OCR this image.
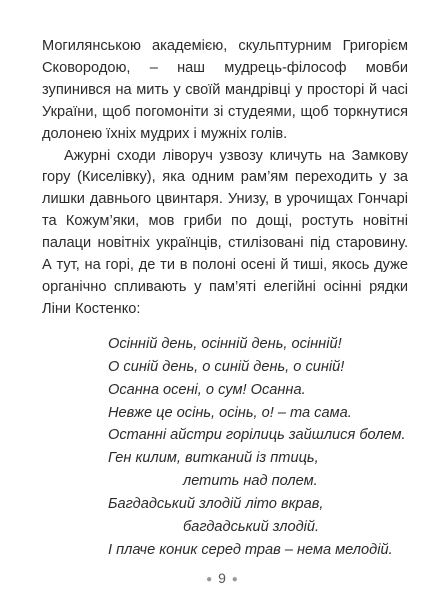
Могилянською академією, скульптурним Григорієм Сковородою, – наш мудрець-філософ мовби зупинився на мить у своїй мандрівці у просторі й часі України, щоб погомоніти зі студеями, щоб торкнутися долонею їхніх мудрих і мужніх голів.

Ажурні сходи ліворуч узвозу кличуть на Замкову гору (Киселівку), яка одним рам’ям переходить у за лишки давнього цвинтаря. Унизу, в урочищах Гончарі та Кожум’яки, мов гриби по дощі, ростуть новітні палаци новітніх українців, стилізовані під старовину. А тут, на горі, де ти в полоні осені й тиші, якось дуже органічно спливають у пам’яті елегійні осінні рядки Ліни Костенко:

Осінній день, осінній день, осінній!
О синій день, о синій день, о синій!
Осанна осені, о сум! Осанна.
Невже це осінь, осінь, о! – та сама.
Останні айстри горілиць зайшлися болем.
Ген килим, витканий із птиць,
летить над полем.
Багдадський злодій літо вкрав,
багдадський злодій.
І плаче коник серед трав – нема мелодій.
● 9 ●
